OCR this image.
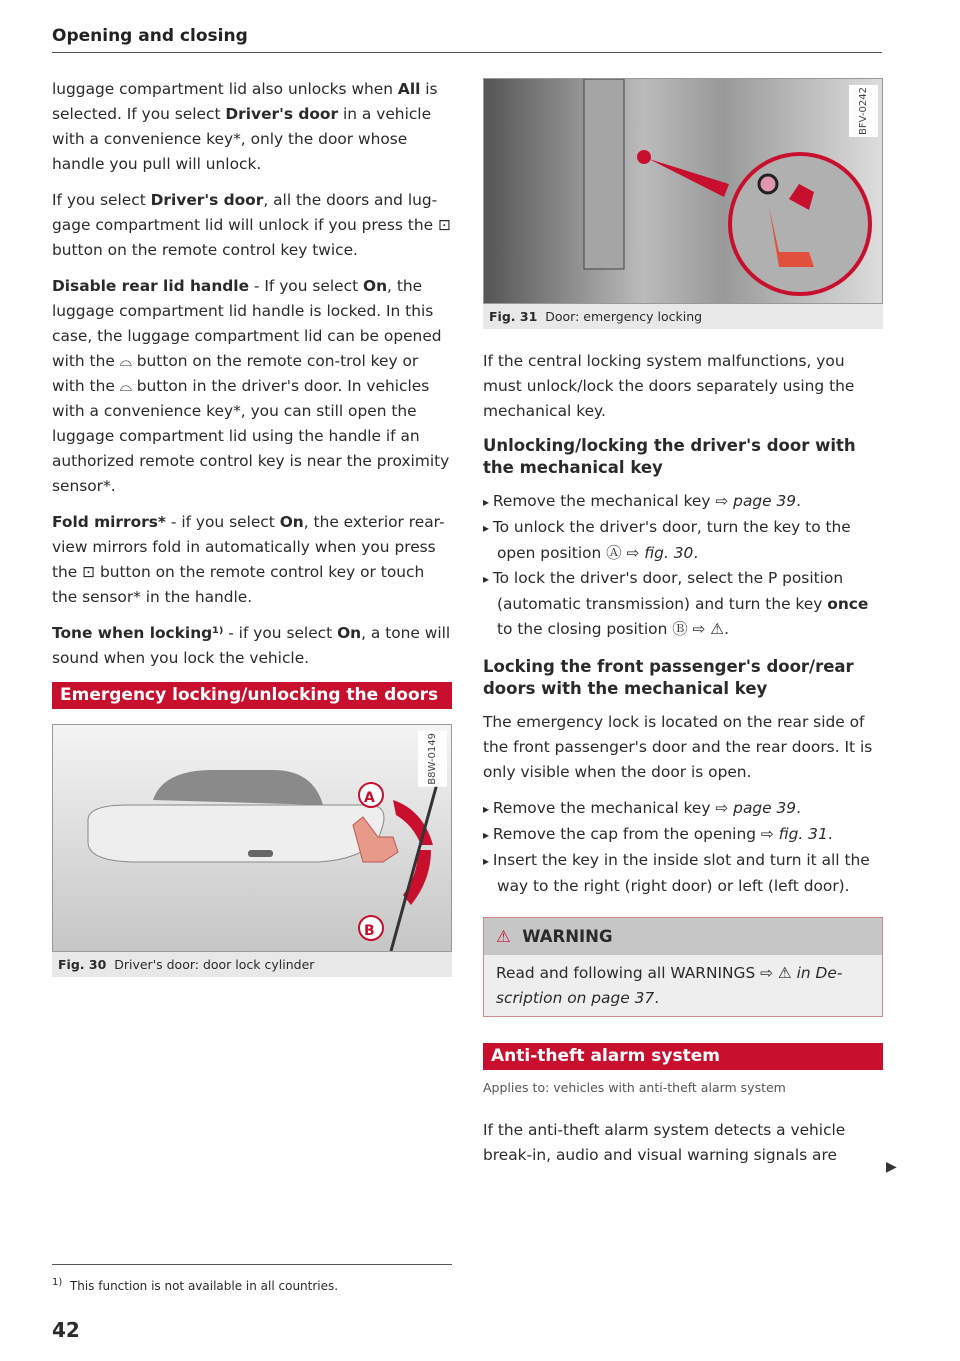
Opening and closing

luggage compartment lid also unlocks when All is selected. If you select Driver's door in a vehicle with a convenience key*, only the door whose handle you pull will unlock.

If you select Driver's door, all the doors and lug-gage compartment lid will unlock if you press the ⊡ button on the remote control key twice.

Disable rear lid handle - If you select On, the luggage compartment lid handle is locked. In this case, the luggage compartment lid can be opened with the ⌓ button on the remote con-trol key or with the ⌓ button in the driver's door. In vehicles with a convenience key*, you can still open the luggage compartment lid using the handle if an authorized remote control key is near the proximity sensor*.

Fold mirrors* - if you select On, the exterior rear-view mirrors fold in automatically when you press the ⊡ button on the remote control key or touch the sensor* in the handle.

Tone when locking¹⁾ - if you select On, a tone will sound when you lock the vehicle.

Emergency locking/unlocking the doors
A
B
B8W-0149
Fig. 30 Driver's door: door lock cylinder
BFV-0242
Fig. 31 Door: emergency locking

If the central locking system malfunctions, you must unlock/lock the doors separately using the mechanical key.

Unlocking/locking the driver's door with the mechanical key

▸ Remove the mechanical key ⇨ page 39.

▸ To unlock the driver's door, turn the key to the open position Ⓐ ⇨ fig. 30.

▸ To lock the driver's door, select the P position (automatic transmission) and turn the key once to the closing position Ⓑ ⇨ ⚠.

Locking the front passenger's door/rear doors with the mechanical key

The emergency lock is located on the rear side of the front passenger's door and the rear doors. It is only visible when the door is open.

▸ Remove the mechanical key ⇨ page 39.

▸ Remove the cap from the opening ⇨ fig. 31.

▸ Insert the key in the inside slot and turn it all the way to the right (right door) or left (left door).

⚠ WARNING
Read and following all WARNINGS ⇨ ⚠ in De-scription on page 37.
Anti-theft alarm system

Applies to: vehicles with anti-theft alarm system

If the anti-theft alarm system detects a vehicle break-in, audio and visual warning signals are

▶
$^{1)}$ This function is not available in all countries.
42
